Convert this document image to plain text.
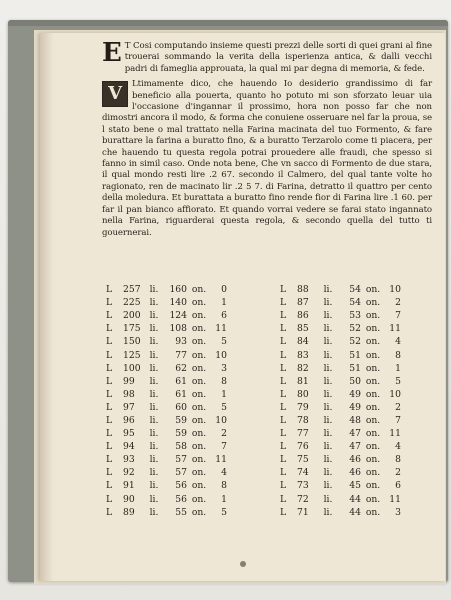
E T Cosi computando insieme questi prezzi delle sorti di quei grani al fine trouerai sommando la verita della isperienza antica, & dalli vecchi padri di fameglia approuata, la qual mi par degna di memoria, & fede.

V	Ltimamente dico, che hauendo Io desiderio grandissimo di far beneficio alla pouerta, quanto ho potuto mi son sforzato leuar uia l'occasione d'ingannar il prossimo, hora non posso far che non dimostri ancora il modo, & forma che conuiene osseruare nel far la proua, se l stato bene o mal trattato nella Farina macinata del tuo Formento, & fare burattare la farina a buratto fino, & a buratto Terzarolo come ti piacera, per che hauendo tu questa regola potrai prouedere alle fraudi, che spesso si fanno in simil caso. Onde nota bene, Che vn sacco di Formento de due stara, il qual mondo resti lire .2 67. secondo il Calmero, del qual tante volte ho ragionato, ren de macinato lir .2 5 7. di Farina, detratto il quattro per cento della moledura. Et burattata a buratto fino rende fior di Farina lire .1 60. per far il pan bianco affiorato. Et quando vorrai vedere se farai stato ingannato nella Farina, riguarderai questa regola, & secondo quella del tutto ti gouernerai.

L	257 li.	160 on.	0
L	225 li.	140 on.	1
L	200 li.	124 on.	6
L	175 li.	108 on. 11
L	150 li.	93 on.	5
L	125 li.	77 on. 10
L	100 li.	62 on.	3
L	99	li.	61 on.	8
L	98	li.	61 on.	1
L	97	li.	60 on.	5
L	96	li.	59 on. 10
L	95	li.	59 on.	2
L	94	li.	58 on.	7
L	93	li.	57 on. 11
L	92	li.	57 on.	4
L	91	li.	56 on.	8
L	90	li.	56 on.	1
L	89	li.	55 on.	5
L	88	li.	54 on. 10
L	87	li.	54 on.	2
L	86	li.	53 on.	7
L	85	li.	52 on. 11
L	84	li.	52 on.	4
L	83	li.	51 on.	8
L	82	li.	51 on.	1
L	81	li.	50 on.	5
L	80	li.	49 on. 10
L	79	li.	49 on.	2
L	78	li.	48 on.	7
L	77	li.	47 on. 11
L	76	li.	47 on.	4
L	75	li.	46 on.	8
L	74	li.	46 on.	2
L	73	li.	45 on.	6
L	72	li.	44 on. 11
L	71	li.	44 on.	3
